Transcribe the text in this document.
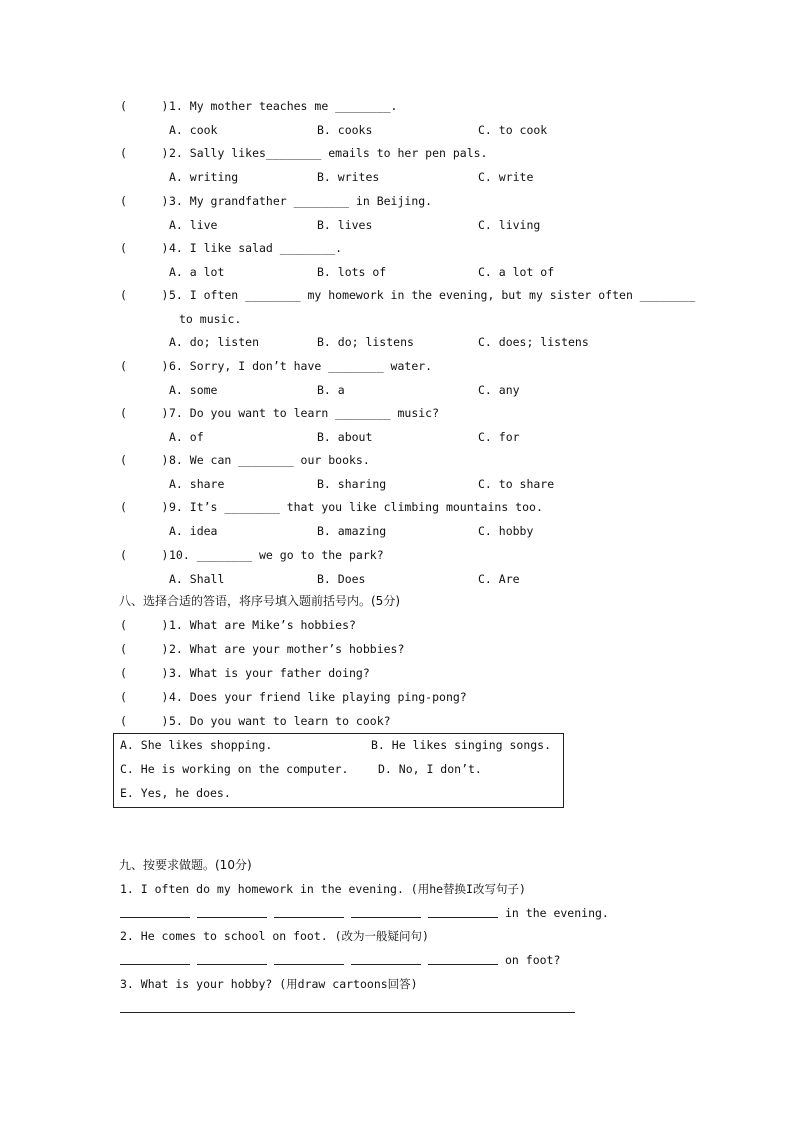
(     ) 1. My mother teaches me ________.
A. cook	B. cooks	C. to cook
(     ) 2. Sally likes________ emails to her pen pals.
A. writing	B. writes	C. write
(     ) 3. My grandfather ________ in Beijing.
A. live	B. lives	C. living
(     ) 4. I like salad ________.
A. a lot	B. lots of	C. a lot of
(     ) 5. I often ________ my homework in the evening, but my sister often ________
to music.
A. do; listen	B. do; listens	C. does; listens
(     ) 6. Sorry, I don’t have ________ water.
A. some	B. a	C. any
(     ) 7. Do you want to learn ________ music?
A. of	B. about	C. for
(     ) 8. We can ________ our books.
A. share	B. sharing	C. to share
(     ) 9. It’s ________ that you like climbing mountains too.
A. idea	B. amazing	C. hobby
(     ) 10. ________ we go to the park?
A. Shall	B. Does	C. Are
八、选择合适的答语，将序号填入题前括号内。(5分)
(     ) 1. What are Mike’s hobbies?
(     ) 2. What are your mother’s hobbies?
(     ) 3. What is your father doing?
(     ) 4. Does your friend like playing ping-pong?
(     ) 5. Do you want to learn to cook?
A. She likes shopping.	B. He likes singing songs.
C. He is working on the computer.	D. No, I don’t.
E. Yes, he does.
九、按要求做题。(10分)
1. I often do my homework in the evening. (用he替换I改写句子)
in the evening.
2. He comes to school on foot. (改为一般疑问句)
on foot?
3. What is your hobby? (用draw cartoons回答)
